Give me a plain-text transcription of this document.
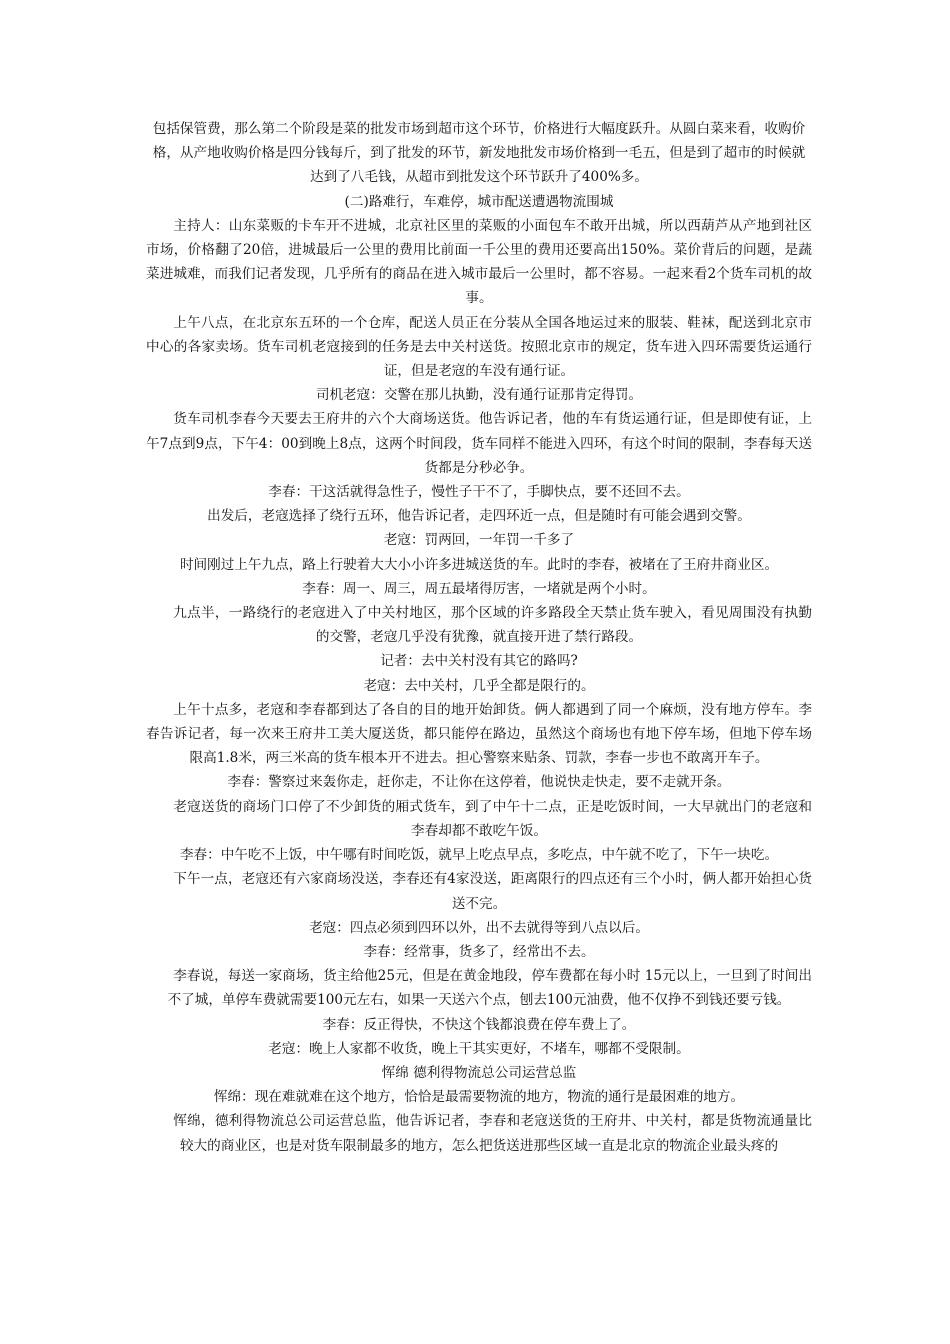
包括保管费，那么第二个阶段是菜的批发市场到超市这个环节，价格进行大幅度跃升。从圆白菜来看，收购价格，从产地收购价格是四分钱每斤，到了批发的环节，新发地批发市场价格到一毛五，但是到了超市的时候就达到了八毛钱，从超市到批发这个环节跃升了400%多。

(二)路难行，车难停，城市配送遭遇物流围城

主持人：山东菜贩的卡车开不进城，北京社区里的菜贩的小面包车不敢开出城，所以西葫芦从产地到社区市场，价格翻了20倍，进城最后一公里的费用比前面一千公里的费用还要高出150%。菜价背后的问题，是蔬菜进城难，而我们记者发现，几乎所有的商品在进入城市最后一公里时，都不容易。一起来看2个货车司机的故事。

上午八点，在北京东五环的一个仓库，配送人员正在分装从全国各地运过来的服装、鞋袜，配送到北京市中心的各家卖场。货车司机老寇接到的任务是去中关村送货。按照北京市的规定，货车进入四环需要货运通行证，但是老寇的车没有通行证。

司机老寇：交警在那儿执勤，没有通行证那肯定得罚。

货车司机李春今天要去王府井的六个大商场送货。他告诉记者，他的车有货运通行证，但是即使有证，上午7点到9点，下午4：00到晚上8点，这两个时间段，货车同样不能进入四环，有这个时间的限制，李春每天送货都是分秒必争。

李春：干这活就得急性子，慢性子干不了，手脚快点，要不还回不去。

出发后，老寇选择了绕行五环，他告诉记者，走四环近一点，但是随时有可能会遇到交警。

老寇：罚两回，一年罚一千多了

时间刚过上午九点，路上行驶着大大小小许多进城送货的车。此时的李春，被堵在了王府井商业区。

李春：周一、周三，周五最堵得厉害，一堵就是两个小时。

九点半，一路绕行的老寇进入了中关村地区，那个区域的许多路段全天禁止货车驶入，看见周围没有执勤的交警，老寇几乎没有犹豫，就直接开进了禁行路段。

记者：去中关村没有其它的路吗?

老寇：去中关村，几乎全都是限行的。

上午十点多，老寇和李春都到达了各自的目的地开始卸货。俩人都遇到了同一个麻烦，没有地方停车。李春告诉记者，每一次来王府井工美大厦送货，都只能停在路边，虽然这个商场也有地下停车场，但地下停车场限高1.8米，两三米高的货车根本开不进去。担心警察来贴条、罚款，李春一步也不敢离开车子。

李春：警察过来轰你走，赶你走，不让你在这停着，他说快走快走，要不走就开条。

老寇送货的商场门口停了不少卸货的厢式货车，到了中午十二点，正是吃饭时间，一大早就出门的老寇和李春却都不敢吃午饭。

李春：中午吃不上饭，中午哪有时间吃饭，就早上吃点早点，多吃点，中午就不吃了，下午一块吃。

下午一点，老寇还有六家商场没送，李春还有4家没送，距离限行的四点还有三个小时，俩人都开始担心货送不完。

老寇：四点必须到四环以外，出不去就得等到八点以后。

李春：经常事，货多了，经常出不去。

李春说，每送一家商场，货主给他25元，但是在黄金地段，停车费都在每小时 15元以上，一旦到了时间出不了城，单停车费就需要100元左右，如果一天送六个点，刨去100元油费，他不仅挣不到钱还要亏钱。

李春：反正得快，不快这个钱都浪费在停车费上了。

老寇：晚上人家都不收货，晚上干其实更好，不堵车，哪都不受限制。

恽绵 德利得物流总公司运营总监

恽绵：现在难就难在这个地方，恰恰是最需要物流的地方，物流的通行是最困难的地方。

恽绵，德利得物流总公司运营总监，他告诉记者，李春和老寇送货的王府井、中关村，都是货物流通量比较大的商业区，也是对货车限制最多的地方，怎么把货送进那些区域一直是北京的物流企业最头疼的
